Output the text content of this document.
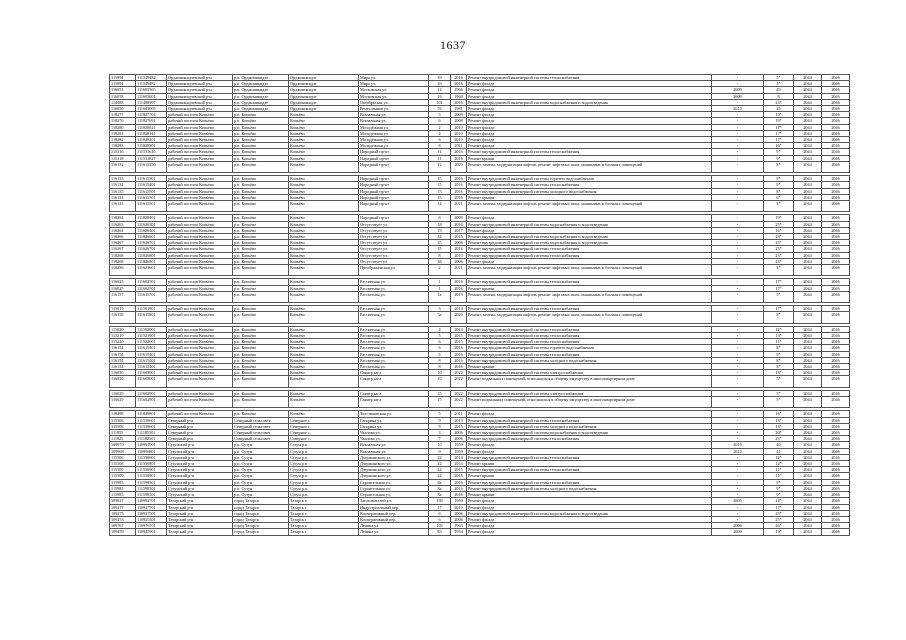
1637
115894	111549482	Орджоникидзевский р-н	р.п. Орджоникидзе	Орджоникидзе	Мира ул.	39	2016	Ремонт внутридомовой инженерной системы теплоснабжения	-	5*	2044	2046
115894	111549482	Орджоникидзевский р-н	р.п. Орджоникидзе	Орджоникидзе	Мира ул.	39	2016	Ремонт фасада	-	5*	2044	2046
116055	111605565	Орджоникидзевский р-н	р.п. Орджоникидзе	Орджоникидзе	Московская ул.	14	1966	Ремонт фасада	2609	49	2044	2046
116058	111605601	Орджоникидзевский р-н	р.п. Орджоникидзе	Орджоникидзе	Московская ул.	16	1960	Ремонт фасада	2609	8	2044	2046
114488	111488997	Орджоникидзевский р-н	р.п. Орджоникидзе	Орджоникидзе	Октябрьская ул.	101	2016	Ремонт внутридомовой инженерной системы водоснабжения и водоотведения	-	23*	2044	2046
116050	111641005	Орджоникидзевский р-н	р.п. Орджоникидзе	Орджоникидзе	Ремесленная ул.	76	1981	Ремонт фасада	2610	25	2044	2046
118277	111827704	рабочий поселок Копьёво	р.п. Копьёво	Копьёво	Вокзальная ул.	3	2009	Ремонт фасада	-	19*	2044	2046
118276	111827691	рабочий поселок Копьёво	р.п. Копьёво	Копьёво	Вокзальная ул.	6	2009	Ремонт фасада	-	19*	2044	2046
118280	111828021	рабочий поселок Копьёво	р.п. Копьёво	Копьёво	Молодёжная ул.	2	2010	Ремонт фасада	-	17*	2044	2046
118281	111828141	рабочий поселок Копьёво	р.п. Копьёво	Копьёво	Молодёжная ул.	4	2010	Ремонт фасада	-	17*	2044	2046
118282	111828201	рабочий поселок Копьёво	р.п. Копьёво	Копьёво	Молодёжная ул.	6	2010	Ремонт фасада	-	17*	2044	2046
118283	111828301	рабочий поселок Копьёво	р.п. Копьёво	Копьёво	Молодёжная ул.	8	2011	Ремонт фасада	-	16*	2044	2046
115316	111531616	рабочий поселок Копьёво	р.п. Копьёво	Копьёво	Народный пр-кт	11	2016	Ремонт внутридомовой инженерной системы теплоснабжения	-	9*	2044	2046
115318	111531827	рабочий поселок Копьёво	р.п. Копьёво	Копьёво	Народный пр-кт	11	2016	Ремонт крыши	-	9*	2044	2046
116132	111613250	рабочий поселок Копьёво	р.п. Копьёво	Копьёво	Народный пр-кт	12	2020	Ремонт, замена, модернизация лифтов, ремонт лифтовых шахт, машинных и блочных помещений	-	8*	2044	2046

116133	111613301	рабочий поселок Копьёво	р.п. Копьёво	Копьёво	Народный пр-кт	15	2016	Ремонт внутридомовой инженерной системы горячего водоснабжения	-	9*	2044	2046
116134	111613401	рабочий поселок Копьёво	р.п. Копьёво	Копьёво	Народный пр-кт	15	2016	Ремонт внутридомовой инженерной системы теплоснабжения	-	9*	2044	2046
116135	111613501	рабочий поселок Копьёво	р.п. Копьёво	Копьёво	Народный пр-кт	13	2016	Ремонт внутридомовой инженерной системы холодного водоснабжения	-	8*	2044	2046
116133	111613301	рабочий поселок Копьёво	р.п. Копьёво	Копьёво	Народный пр-кт	15	2016	Ремонт крыши	-	6*	2044	2046
116135	111613501	рабочий поселок Копьёво	р.п. Копьёво	Копьёво	Народный пр-кт	14	2021	Ремонт, замена, модернизация лифтов, ремонт лифтовых шахт, машинных и блочных помещений	-	3*	2044	2046

118284	111828401	рабочий поселок Копьёво	р.п. Копьёво	Копьёво	Народный пр-кт	6	2009	Ремонт фасада	-	19*	2044	2046
116263	111626301	рабочий поселок Копьёво	р.п. Копьёво	Копьёво	Отсутствует ул.	18	2016	Ремонт внутридомовой инженерной системы водоснабжения и водоотведения	-	25*	2044	2046
116264	111626401	рабочий поселок Копьёво	р.п. Копьёво	Копьёво	Отсутствует ул.	19	2017	Ремонт фасада	-	16*	2044	2046
118266	111826601	рабочий поселок Копьёво	р.п. Копьёво	Копьёво	Отсутствует ул.	34	2015	Ремонт внутридомовой инженерной системы водоснабжения и водоотведения	-	28*	2044	2046
116267	111626701	рабочий поселок Копьёво	р.п. Копьёво	Копьёво	Отсутствует ул.	35	2006	Ремонт внутридомовой инженерной системы водоснабжения и водоотведения	-	25*	2044	2046
116267	111626701	рабочий поселок Копьёво	р.п. Копьёво	Копьёво	Отсутствует ул.	35	2016	Ремонт внутридомовой инженерной системы теплоснабжения	-	25*	2044	2046
118268	111826801	рабочий поселок Копьёво	р.п. Копьёво	Копьёво	Отсутствует ул.	8	2010	Ремонт внутридомовой инженерной системы теплоснабжения	-	23*	2044	2046
118268	111826801	рабочий поселок Копьёво	р.п. Копьёво	Копьёво	Отсутствует ул.	36	2006	Ремонт фасада	-	23*	2044	2046
116236	111623601	рабочий поселок Копьёво	р.п. Копьёво	Копьёво	Преображенская ул.	2	2021	Ремонт, замена, модернизация лифтов, ремонт лифтовых шахт, машинных и блочных помещений	-	3*	2044	2046

116025	111602501	рабочий поселок Копьёво	р.п. Копьёво	Копьёво	Рассветная ул.	1	2016	Ремонт внутридомовой инженерной системы теплоснабжения	-	17*	2044	2046
116025	111602501	рабочий поселок Копьёво	р.п. Копьёво	Копьёво	Рассветная ул.	1	2016	Ремонт крыши	-	17*	2044	2046
116157	111615701	рабочий поселок Копьёво	р.п. Копьёво	Копьёво	Рассветная ул.	1а	2019	Ремонт, замена, модернизация лифтов, ремонт лифтовых шахт, машинных и блочных помещений	-	5*	2044	2046

115019	111501901	рабочий поселок Копьёво	р.п. Копьёво	Копьёво	Рассветная ул.	3	2014	Ремонт внутридомовой инженерной системы теплоснабжения	-	17*	2044	2046
116158	111615801	рабочий поселок Копьёво	р.п. Копьёво	Копьёво	Рассветная ул.	3а	2020	Ремонт, замена, модернизация лифтов, ремонт лифтовых шахт, машинных и блочных помещений	-	8*	2044	2046

115020	111502001	рабочий поселок Копьёво	р.п. Копьёво	Копьёво	Рассветная ул.	4	2014	Ремонт внутридомовой инженерной системы теплоснабжения	-	12*	2044	2046
115219	111521901	рабочий поселок Копьёво	р.п. Копьёво	Копьёво	Рассветная ул.	5	2015	Ремонт внутридомовой инженерной системы теплоснабжения	-	13*	2044	2046
115220	111522001	рабочий поселок Копьёво	р.п. Копьёво	Копьёво	Рассветная ул.	6	2015	Ремонт внутридомовой инженерной системы теплоснабжения	-	11*	2044	2046
116154	111615401	рабочий поселок Копьёво	р.п. Копьёво	Копьёво	Рассветная ул.	6	2016	Ремонт внутридомовой инженерной системы горячего водоснабжения	-	8*	2044	2046
116154	111615401	рабочий поселок Копьёво	р.п. Копьёво	Копьёво	Рассветная ул.	6	2016	Ремонт внутридомовой инженерной системы теплоснабжения	-	9*	2044	2046
116154	111615401	рабочий поселок Копьёво	р.п. Копьёво	Копьёво	Рассветная ул.	8	2016	Ремонт внутридомовой инженерной системы холодного водоснабжения	-	8*	2044	2046
116154	111615401	рабочий поселок Копьёво	р.п. Копьёво	Копьёво	Рассветная ул.	8	2016	Ремонт крыши	-	8*	2044	2046
116030	111603001	рабочий поселок Копьёво	р.п. Копьёво	Копьёво	Саянтр кв-л	10	2022	Ремонт внутридомовой инженерной системы электроснабжения	-	13*	2044	2046
116030	111603001	рабочий поселок Копьёво	р.п. Копьёво	Копьёво	Саянтр кв-л	10	2022	Ремонт подвальных помещений, относящихся к общему имуществу в многоквартирном доме	-	5*	2044	2046

116029	111602901	рабочий поселок Копьёво	р.п. Копьёво	Копьёво	Саянтр кв-л	15	2022	Ремонт внутридомовой инженерной системы электроснабжения	-	3*	2044	2046
116029	111602901	рабочий поселок Копьёво	р.п. Копьёво	Копьёво	Саянтр кв-л	15	2022	Ремонт подвальных помещений, относящихся к общему имуществу в многоквартирном доме	-	5*	2044	2046

118288	111828801	рабочий поселок Копьёво	р.п. Копьёво	Копьёво	Толстиковская ул.	5	2011	Ремонт фасада	-	16*	2044	2046
115506	111550601	Северный р-н	Северный сельсовет	Северное с.	Гагарина ул.	9	2013	Ремонт внутридомовой инженерной системы теплоснабжения	-	13*	2044	2046
115506	111550601	Северный р-н	Северный сельсовет	Северное с.	Гагарина ул.	9	2015	Ремонт внутридомовой инженерной системы холодного водоснабжения	-	13*	2044	2046
111855	111185501	Северный р-н	Северный сельсовет	Северное с.	Чкалова ул.	3	2006	Ремонт внутридомовой инженерной системы водоснабжения и водоотведения	-	20*	2044	2046
111825	111182501	Северный р-н	Северный сельсовет	Северное с.	Чкалова ул.	7	2006	Ремонт внутридомовой инженерной системы теплоснабжения	-	23*	2044	2046
109970	110997001	Сузунский р-н	р.п. Сузун	Сузун р.п.	Вокзальная ул.	10	1959	Ремонт фасада	2610	40	2044	2046
109968	110996801	Сузунский р-н	р.п. Сузун	Сузун р.п.	Вокзальная ул.	9	1959	Ремонт фасада	2610	41	2044	2046
115506	111550601	Сузунский р-н	р.п. Сузун	Сузун р.п.	Дзержинского ул.	22	2014	Ремонт внутридомовой инженерной системы теплоснабжения	-	12*	2044	2046
115508	111550801	Сузунский р-н	р.п. Сузун	Сузун р.п.	Дзержинского ул.	22	2014	Ремонт крыши	-	12*	2044	2046
115509	111550901	Сузунский р-н	р.п. Сузун	Сузун р.п.	Дзержинского ул.	24	2015	Ремонт внутридомовой инженерной системы теплоснабжения	-	11*	2044	2046
115509	111550901	Сузунский р-н	р.п. Сузун	Сузун р.п.	Дзержинского ул.	24	2015	Ремонт крыши	-	11*	2044	2046
115985	111598501	Сузунский р-н	р.п. Сузун	Сузун р.п.	Строительная ул.	8а	2016	Ремонт внутридомовой инженерной системы теплоснабжения	-	9*	2044	2046
115985	111598501	Сузунский р-н	р.п. Сузун	Сузун р.п.	Строительная ул.	8а	2016	Ремонт внутридомовой инженерной системы холодного водоснабжения	-	9*	2044	2046
115985	111598501	Сузунский р-н	р.п. Сузун	Сузун р.п.	Строительная ул.	8а	2016	Ремонт крыши	-	9*	2044	2046
109827	110982701	Татарский р-н	город Татарск	Татарск г.	Заготовителей ул.	138	1950	Ремонт фасада	2605	24*	2044	2046
109277	110927701	Татарский р-н	город Татарск	Татарск г.	Индустриальный пер.	17	2010	Ремонт фасада	-	17*	2044	2046
109275	110927501	Татарский р-н	город Татарск	Татарск г.	Кооперативный пер.	6	2006	Ремонт внутридомовой инженерной системы водоснабжения и водоотведения	-	25*	2044	2046
109253	110925301	Татарский р-н	город Татарск	Татарск г.	Кооперативный пер.	6	2006	Ремонт фасада	-	25*	2044	2046
109767	110976701	Татарский р-н	город Татарск	Татарск г.	Ленина ул.	103	1963	Ремонт фасада	2606	26*	2044	2046
109459	110945901	Татарский р-н	город Татарск	Татарск г.	Ленина ул.	83	1954	Ремонт фасада	2609	19*	2044	2046
